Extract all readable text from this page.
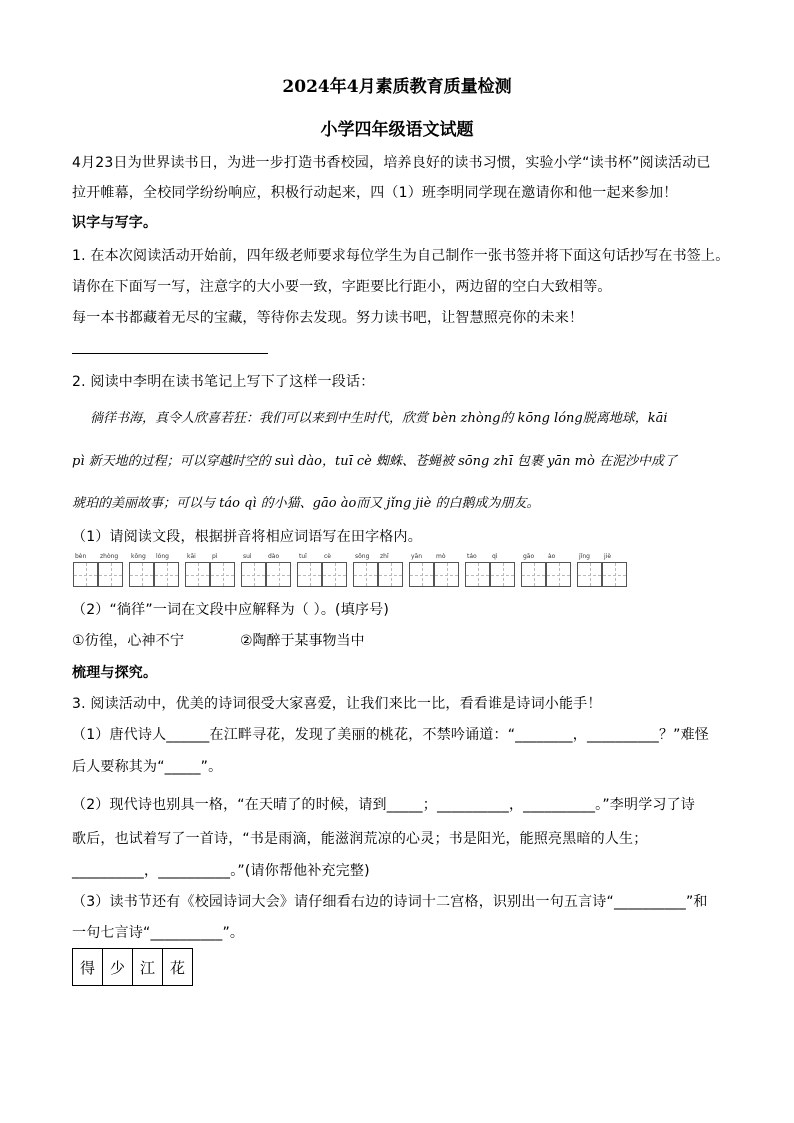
2024年4月素质教育质量检测
小学四年级语文试题
4月23日为世界读书日，为进一步打造书香校园，培养良好的读书习惯，实验小学“读书杯”阅读活动已
拉开帷幕，全校同学纷纷响应，积极行动起来，四（1）班李明同学现在邀请你和他一起来参加！
识字与写字。
1. 在本次阅读活动开始前，四年级老师要求每位学生为自己制作一张书签并将下面这句话抄写在书签上。
请你在下面写一写，注意字的大小要一致，字距要比行距小，两边留的空白大致相等。
每一本书都藏着无尽的宝藏，等待你去发现。努力读书吧，让智慧照亮你的未来！
2. 阅读中李明在读书笔记上写下了这样一段话：
徜徉书海，真令人欣喜若狂：我们可以来到中生时代，欣赏 bèn zhòng的 kōng lóng脱离地球，kāi
pì 新天地的过程；可以穿越时空的 suì dào，tuī cè 蜘蛛、苍蝇被 sōng zhī 包裹 yān mò 在泥沙中成了
琥珀的美丽故事；可以与 táo qì 的小猫、gāo ào而又 jǐng jiè 的白鹅成为朋友。
（1）请阅读文段，根据拼音将相应词语写在田字格内。
bèn zhòng kōng lóng	kāi	pì	suì	dào	tuī	cè	sōng zhī	yān mò	táo	qì	gāo ào	jǐng jiè
（2）“徜徉”一词在文段中应解释为（ ）。(填序号)
①彷徨，心神不宁	②陶醉于某事物当中
梳理与探究。
3. 阅读活动中，优美的诗词很受大家喜爱，让我们来比一比，看看谁是诗词小能手！
（1）唐代诗人______在江畔寻花，发现了美丽的桃花，不禁吟诵道：“________，__________？”难怪
后人要称其为“_____”。
（2）现代诗也别具一格，“在天晴了的时候，请到_____；__________，__________。”李明学习了诗
歌后，也试着写了一首诗，“书是雨滴，能滋润荒凉的心灵；书是阳光，能照亮黑暗的人生；
__________，__________。”(请你帮他补充完整)
（3）读书节还有《校园诗词大会》请仔细看右边的诗词十二宫格，识别出一句五言诗“__________”和
一句七言诗“__________”。
得	少	江	花
